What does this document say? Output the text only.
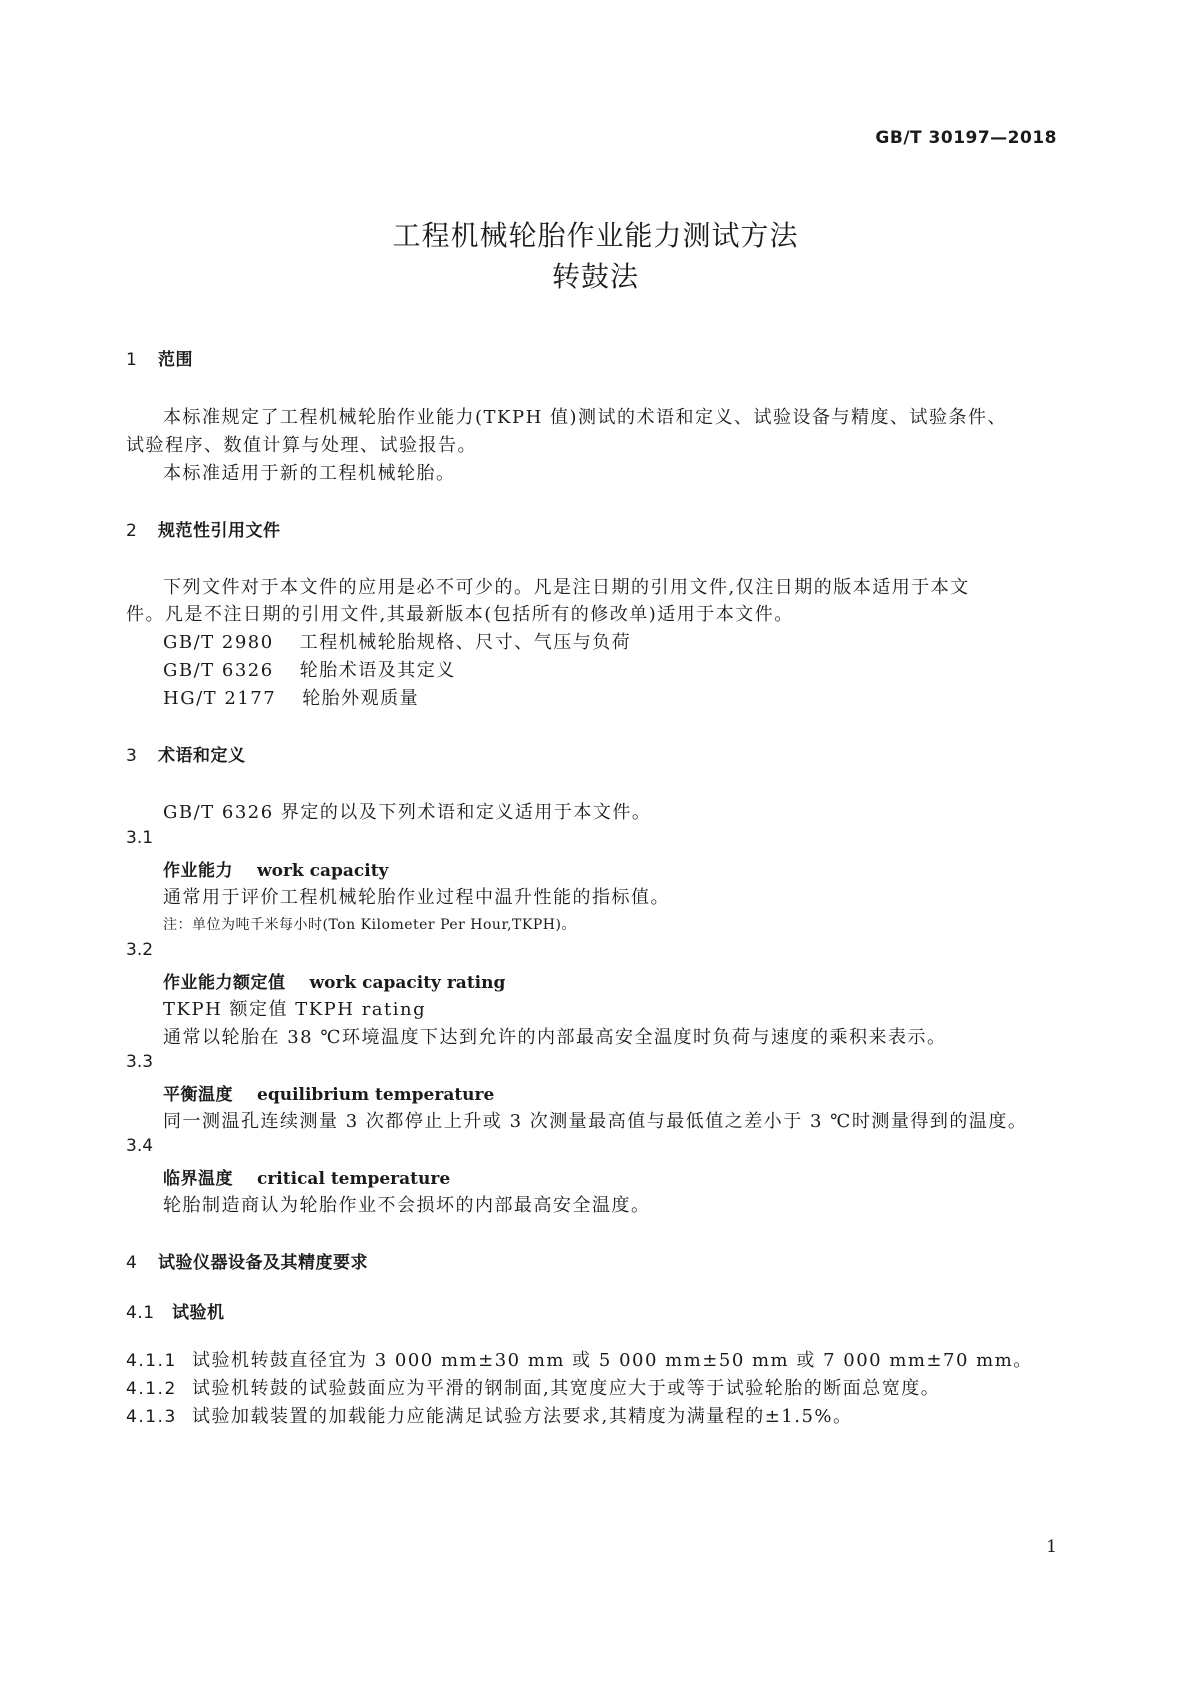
GB/T 30197—2018
工程机械轮胎作业能力测试方法
转鼓法
1 范围
本标准规定了工程机械轮胎作业能力(TKPH 值)测试的术语和定义、试验设备与精度、试验条件、
试验程序、数值计算与处理、试验报告。
本标准适用于新的工程机械轮胎。
2 规范性引用文件
下列文件对于本文件的应用是必不可少的。凡是注日期的引用文件,仅注日期的版本适用于本文
件。凡是不注日期的引用文件,其最新版本(包括所有的修改单)适用于本文件。
GB/T 2980 工程机械轮胎规格、尺寸、气压与负荷
GB/T 6326 轮胎术语及其定义
HG/T 2177 轮胎外观质量
3 术语和定义
GB/T 6326 界定的以及下列术语和定义适用于本文件。
3.1
作业能力 work capacity
通常用于评价工程机械轮胎作业过程中温升性能的指标值。
注：单位为吨千米每小时(Ton Kilometer Per Hour,TKPH)。
3.2
作业能力额定值 work capacity rating
TKPH 额定值 TKPH rating
通常以轮胎在 38 ℃环境温度下达到允许的内部最高安全温度时负荷与速度的乘积来表示。
3.3
平衡温度 equilibrium temperature
同一测温孔连续测量 3 次都停止上升或 3 次测量最高值与最低值之差小于 3 ℃时测量得到的温度。
3.4
临界温度 critical temperature
轮胎制造商认为轮胎作业不会损坏的内部最高安全温度。
4 试验仪器设备及其精度要求
4.1 试验机
4.1.1 试验机转鼓直径宜为 3 000 mm±30 mm 或 5 000 mm±50 mm 或 7 000 mm±70 mm。
4.1.2 试验机转鼓的试验鼓面应为平滑的钢制面,其宽度应大于或等于试验轮胎的断面总宽度。
4.1.3 试验加载装置的加载能力应能满足试验方法要求,其精度为满量程的±1.5%。
1
